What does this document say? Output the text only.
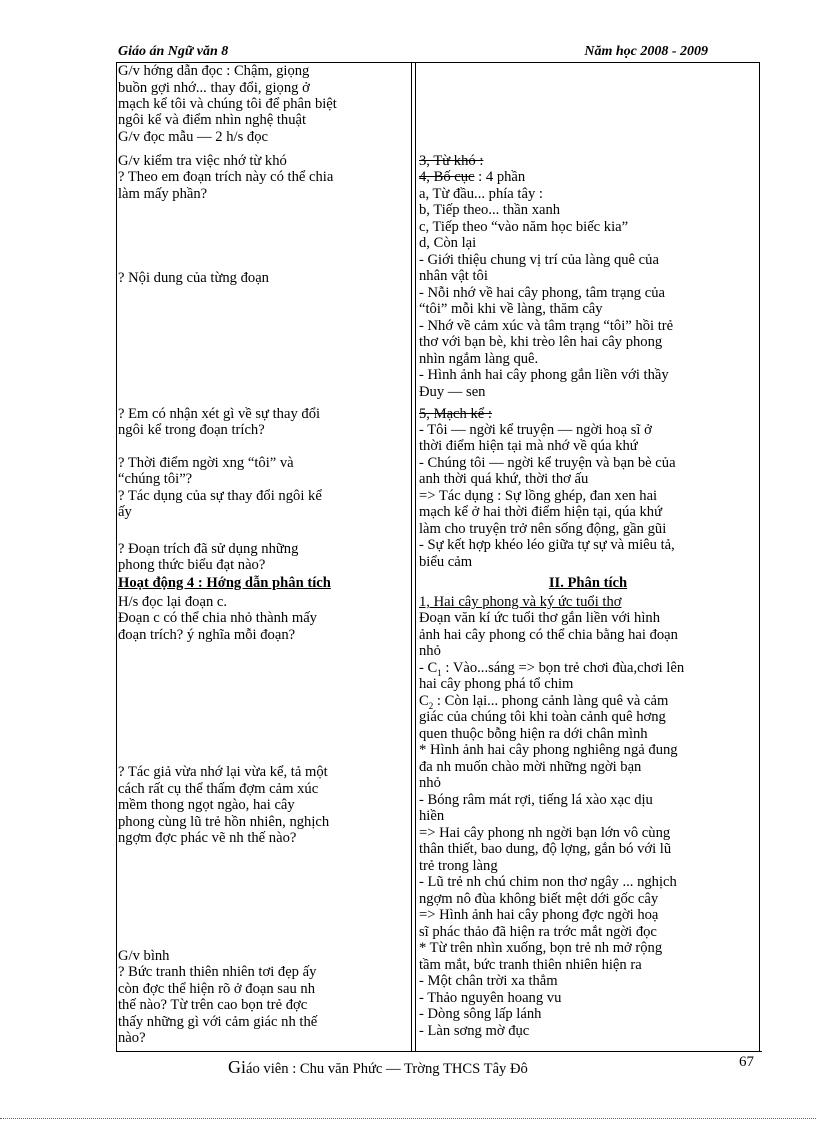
Giáo án Ngữ văn 8	Năm học 2008 - 2009
G/v hớng dẫn đọc : Chậm, giọng
buồn gợi nhớ... thay đổi, giọng ở
mạch kể tôi và chúng tôi để phân biệt
ngôi kể và điểm nhìn nghệ thuật
G/v đọc mẫu — 2 h/s đọc
G/v kiểm tra việc nhớ từ khó
? Theo em đoạn trích này có thể chia
làm mấy phần?
? Nội dung của từng đoạn
? Em có nhận xét gì về sự thay đổi
ngôi kể trong đoạn trích?
? Thời điểm ngời xng “tôi” và
“chúng tôi”?
? Tác dụng của sự thay đổi ngôi kể
ấy
? Đoạn trích đã sử dụng những
phong thức biểu đạt nào?
Hoạt động 4 : Hớng dẫn phân tích
H/s đọc lại đoạn c.
Đoạn c có thể chia nhỏ thành mấy
đoạn trích? ý nghĩa mỗi đoạn?
? Tác giả vừa nhớ lại vừa kể, tả một
cách rất cụ thể thấm đợm cảm xúc
mềm thong ngọt ngào, hai cây
phong cùng lũ trẻ hồn nhiên, nghịch
ngợm đợc phác vẽ nh thế nào?
G/v bình
? Bức tranh thiên nhiên tơi đẹp ấy
còn đợc thể hiện rõ ở đoạn sau nh
thế nào? Từ trên cao bọn trẻ đợc
thấy những gì với cảm giác nh thế
nào?
3, Từ khó :
4, Bố cục : 4 phần
a, Từ đầu... phía tây :
b, Tiếp theo... thần xanh
c, Tiếp theo “vào năm học biếc kia”
d, Còn lại
- Giới thiệu chung vị trí của làng quê của
nhân vật tôi
- Nỗi nhớ về hai cây phong, tâm trạng của
“tôi” mỗi khi về làng, thăm cây
- Nhớ về cảm xúc và tâm trạng “tôi” hồi trẻ
thơ với bạn bè, khi trèo lên hai cây phong
nhìn ngắm làng quê.
- Hình ảnh hai cây phong gắn liền với thầy
Đuy — sen
5, Mạch kể :
- Tôi — ngời kể truyện — ngời hoạ sĩ ở
thời điểm hiện tại mà nhớ về qúa khứ
- Chúng tôi — ngời kể truyện và bạn bè của
anh thời quá khứ, thời thơ ấu
=> Tác dụng : Sự lồng ghép, đan xen hai
mạch kể ở hai thời điểm hiện tại, qúa khứ
làm cho truyện trở nên sống động, gần gũi
- Sự kết hợp khéo léo giữa tự sự và miêu tả,
biểu cảm
II. Phân tích
1, Hai cây phong và ký ức tuổi thơ
Đoạn văn kí ức tuổi thơ gắn liền với hình
ảnh hai cây phong có thể chia bằng hai đoạn
nhỏ
- $C_1$ : Vào...sáng => bọn trẻ chơi đùa,chơi lên
hai cây phong phá tổ chim
$C_2$ : Còn lại... phong cảnh làng quê và cảm
giác của chúng tôi khi toàn cảnh quê hơng
quen thuộc bỗng hiện ra dới chân mình
* Hình ảnh hai cây phong nghiêng ngả đung
đa nh muốn chào mời những ngời bạn
nhỏ
- Bóng râm mát rợi, tiếng lá xào xạc dịu
hiền
=> Hai cây phong nh ngời bạn lớn vô cùng
thân thiết, bao dung, độ lợng, gắn bó với lũ
trẻ trong làng
- Lũ trẻ nh chú chim non thơ ngây ... nghịch
ngợm nô đùa không biết mệt dới gốc cây
=> Hình ảnh hai cây phong đợc ngời hoạ
sĩ phác thảo đã hiện ra trớc mắt ngời đọc
* Từ trên nhìn xuống, bọn trẻ nh mở rộng
tầm mắt, bức tranh thiên nhiên hiện ra
- Một chân trời xa thẳm
- Thảo nguyên hoang vu
- Dòng sông lấp lánh
- Làn sơng mờ đục
Giáo viên : Chu văn Phức — Trờng THCS Tây Đô	67
